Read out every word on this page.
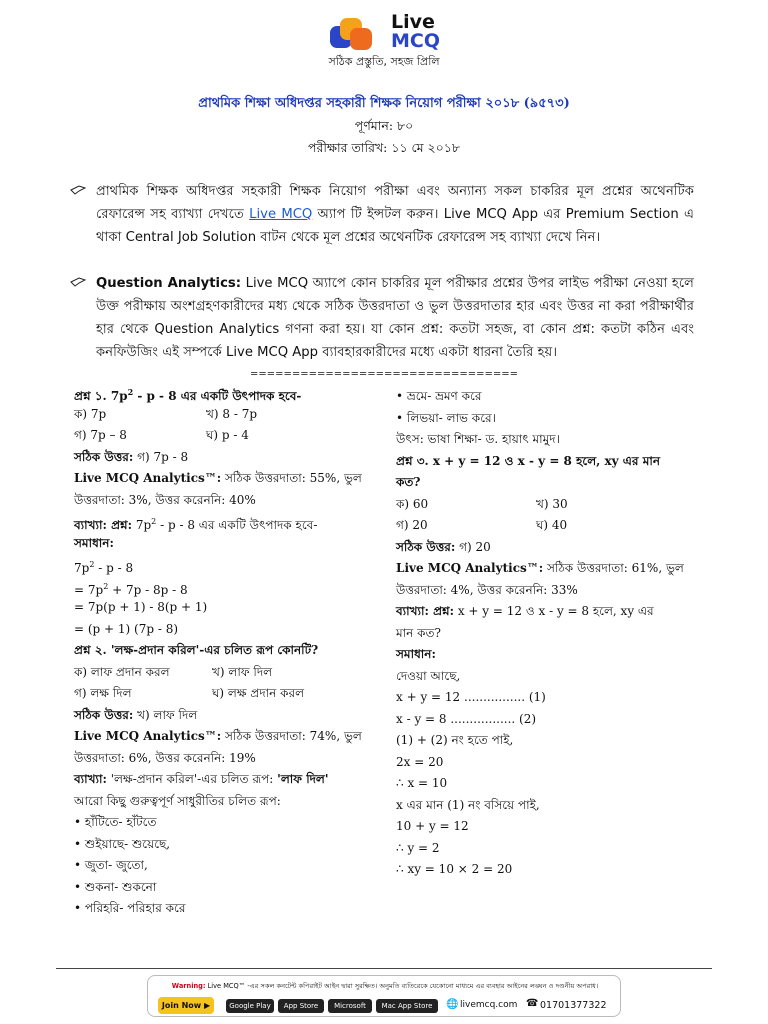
Live
MCQ
সঠিক প্রস্তুতি, সহজ প্রিলি
প্রাথমিক শিক্ষা অধিদপ্তর সহকারী শিক্ষক নিয়োগ পরীক্ষা ২০১৮ (৯৫৭৩)
পূর্ণমান: ৮০
পরীক্ষার তারিখ: ১১ মে ২০১৮
প্রাথমিক শিক্ষক অধিদপ্তর সহকারী শিক্ষক নিয়োগ পরীক্ষা এবং অন্যান্য সকল চাকরির মূল প্রশ্নের অথেনটিক রেফারেন্স সহ ব্যাখ্যা দেখতে Live MCQ অ্যাপ টি ইন্সটল করুন। Live MCQ App এর Premium Section এ থাকা Central Job Solution বাটন থেকে মূল প্রশ্নের অথেনটিক রেফারেন্স সহ ব্যাখ্যা দেখে নিন।
Question Analytics: Live MCQ অ্যাপে কোন চাকরির মূল পরীক্ষার প্রশ্নের উপর লাইভ পরীক্ষা নেওয়া হলে উক্ত পরীক্ষায় অংশগ্রহণকারীদের মধ্য থেকে সঠিক উত্তরদাতা ও ভুল উত্তরদাতার হার এবং উত্তর না করা পরীক্ষার্থীর হার থেকে Question Analytics গণনা করা হয়। যা কোন প্রশ্ন: কতটা সহজ, বা কোন প্রশ্ন: কতটা কঠিন এবং কনফিউজিং এই সম্পর্কে Live MCQ App ব্যাবহারকারীদের মধ্যে একটা ধারনা তৈরি হয়।
================================
প্রশ্ন ১. $7p^2$ - p - 8 এর একটি উৎপাদক হবে-
ক) 7p	খ) 8 - 7p
গ) 7p – 8	ঘ) p - 4
সঠিক উত্তর: গ) 7p - 8
Live MCQ Analytics™: সঠিক উত্তরদাতা: 55%, ভুল
উত্তরদাতা: 3%, উত্তর করেননি: 40%
ব্যাখ্যা: প্রশ্ন: $7p^2$ - p - 8 এর একটি উৎপাদক হবে-
সমাধান:
$7p^2$ - p - 8
= $7p^2 + 7p - 8p - 8$
= 7p(p + 1) - 8(p + 1)
= (p + 1) (7p - 8)
প্রশ্ন ২. 'লক্ষ-প্রদান করিল'-এর চলিত রূপ কোনটি?
ক) লাফ প্রদান করল	খ) লাফ দিল
গ) লক্ষ দিল	ঘ) লক্ষ প্রদান করল
সঠিক উত্তর: খ) লাফ দিল
Live MCQ Analytics™: সঠিক উত্তরদাতা: 74%, ভুল
উত্তরদাতা: 6%, উত্তর করেননি: 19%
ব্যাখ্যা: 'লক্ষ-প্রদান করিল'-এর চলিত রূপ: 'লাফ দিল'
আরো কিছু গুরুত্বপূর্ণ সাধুরীতির চলিত রূপ:
• হাঁটিতে- হাঁটতে
• শুইয়াছে- শুয়েছে,
• জুতা- জুতো,
• শুকনা- শুকনো
• পরিহরি- পরিহার করে
• ভ্রমে- ভ্রমণ করে
• লিভয়া- লাভ করে।
উৎস: ভাষা শিক্ষা- ড. হায়াৎ মামুদ।
প্রশ্ন ৩. x + y = 12 ও x - y = 8 হলে, xy এর মান
কত?
ক) 60	খ) 30
গ) 20	ঘ) 40
সঠিক উত্তর: গ) 20
Live MCQ Analytics™: সঠিক উত্তরদাতা: 61%, ভুল
উত্তরদাতা: 4%, উত্তর করেননি: 33%
ব্যাখ্যা: প্রশ্ন: x + y = 12 ও x - y = 8 হলে, xy এর
মান কত?
সমাধান:
দেওয়া আছে,
x + y = 12 ................ (1)
x - y = 8 ................. (2)
(1) + (2) নং হতে পাই,
2x = 20
∴ x = 10
x এর মান (1) নং বসিয়ে পাই,
10 + y = 12
∴ y = 2
∴ xy = 10 × 2 = 20
Warning: Live MCQ™ -এর সকল কনটেন্ট কপিরাইট আইন দ্বারা সুরক্ষিত। অনুমতি ব্যতিরেকে যেকোনো মাধ্যমে এর ব্যবহার আইনের লঙ্ঘন ও দণ্ডনীয় অপরাধ।
Join Now ▶	Google Play	App Store	Microsoft	Mac App Store	🌐 livemcq.com ☎ 01701377322
